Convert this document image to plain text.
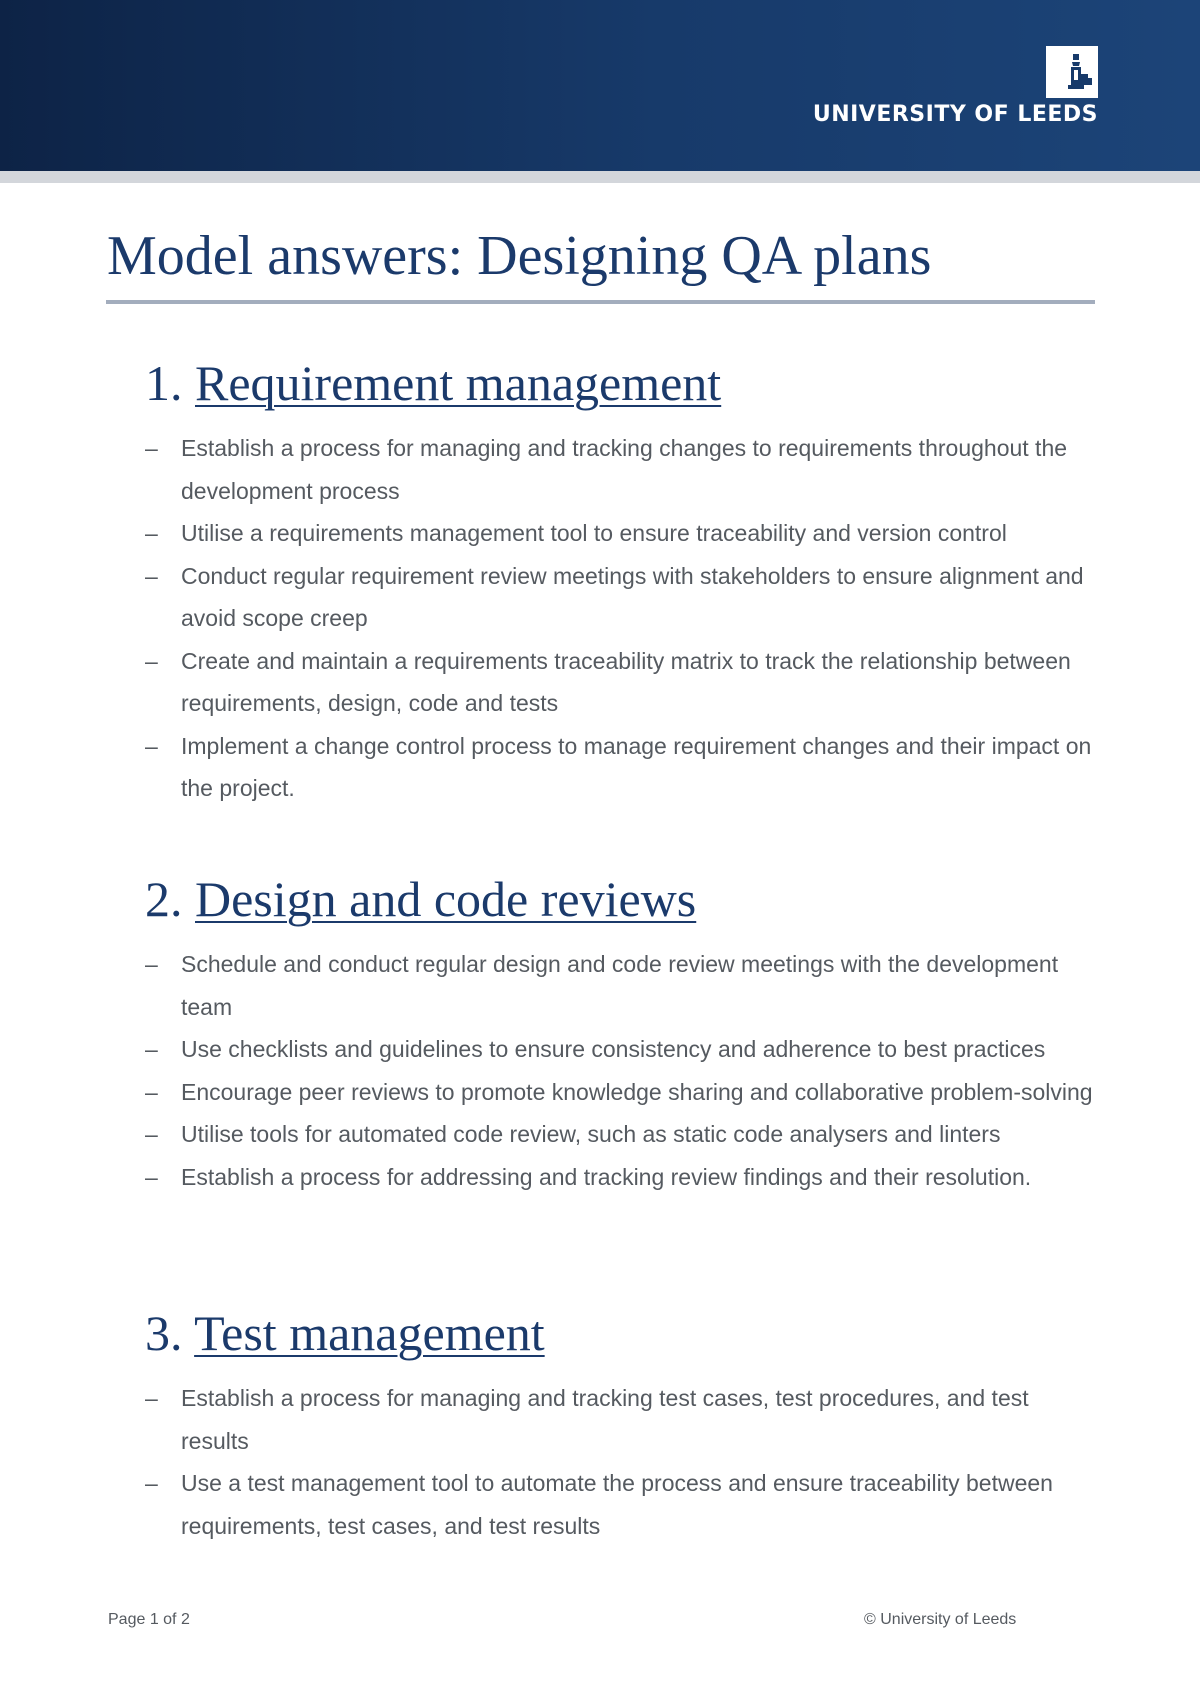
UNIVERSITY OF LEEDS
Model answers: Designing QA plans
1. Requirement management
– Establish a process for managing and tracking changes to requirements throughout the development process
– Utilise a requirements management tool to ensure traceability and version control
– Conduct regular requirement review meetings with stakeholders to ensure alignment and avoid scope creep
– Create and maintain a requirements traceability matrix to track the relationship between requirements, design, code and tests
– Implement a change control process to manage requirement changes and their impact on the project.
2. Design and code reviews
– Schedule and conduct regular design and code review meetings with the development team
– Use checklists and guidelines to ensure consistency and adherence to best practices
– Encourage peer reviews to promote knowledge sharing and collaborative problem-solving
– Utilise tools for automated code review, such as static code analysers and linters
– Establish a process for addressing and tracking review findings and their resolution.
3. Test management
– Establish a process for managing and tracking test cases, test procedures, and test results
– Use a test management tool to automate the process and ensure traceability between requirements, test cases, and test results
Page 1 of 2	© University of Leeds
